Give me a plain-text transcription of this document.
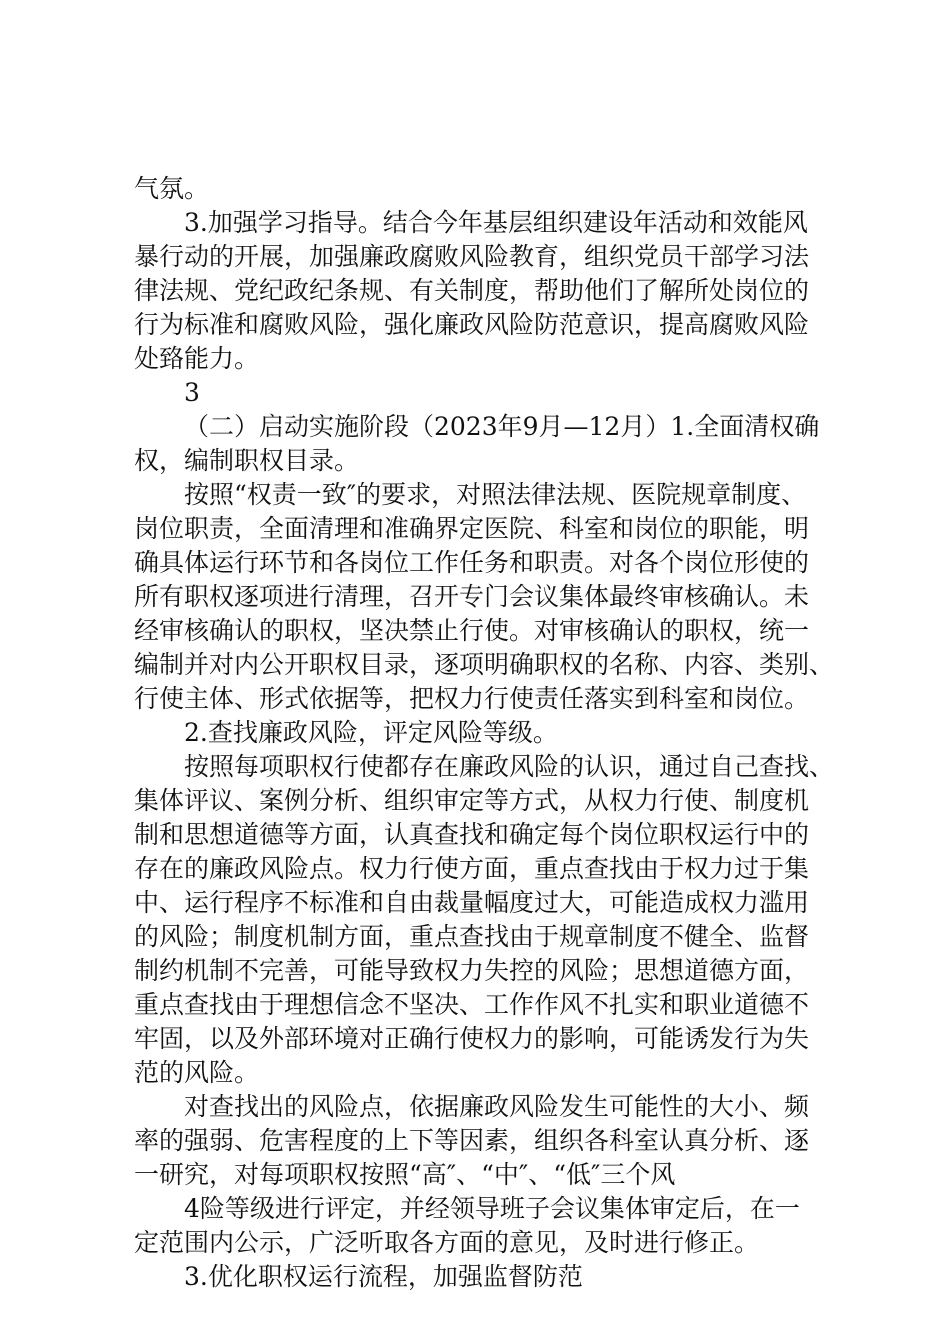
气氛。
3.加强学习指导。结合今年基层组织建设年活动和效能风
暴行动的开展，加强廉政腐败风险教育，组织党员干部学习法
律法规、党纪政纪条规、有关制度，帮助他们了解所处岗位的
行为标准和腐败风险，强化廉政风险防范意识，提高腐败风险
处臵能力。
3
（二）启动实施阶段（2023年9月—12月）1.全面清权确
权，编制职权目录。
按照“权责一致″的要求，对照法律法规、医院规章制度、
岗位职责，全面清理和准确界定医院、科室和岗位的职能，明
确具体运行环节和各岗位工作任务和职责。对各个岗位形使的
所有职权逐项进行清理，召开专门会议集体最终审核确认。未
经审核确认的职权，坚决禁止行使。对审核确认的职权，统一
编制并对内公开职权目录，逐项明确职权的名称、内容、类别、
行使主体、形式依据等，把权力行使责任落实到科室和岗位。
2.查找廉政风险，评定风险等级。
按照每项职权行使都存在廉政风险的认识，通过自己查找、
集体评议、案例分析、组织审定等方式，从权力行使、制度机
制和思想道德等方面，认真查找和确定每个岗位职权运行中的
存在的廉政风险点。权力行使方面，重点查找由于权力过于集
中、运行程序不标准和自由裁量幅度过大，可能造成权力滥用
的风险；制度机制方面，重点查找由于规章制度不健全、监督
制约机制不完善，可能导致权力失控的风险；思想道德方面，
重点查找由于理想信念不坚决、工作作风不扎实和职业道德不
牢固，以及外部环境对正确行使权力的影响，可能诱发行为失
范的风险。
对查找出的风险点，依据廉政风险发生可能性的大小、频
率的强弱、危害程度的上下等因素，组织各科室认真分析、逐
一研究，对每项职权按照“高″、“中″、“低″三个风
4险等级进行评定，并经领导班子会议集体审定后，在一
定范围内公示，广泛听取各方面的意见，及时进行修正。
3.优化职权运行流程，加强监督防范
